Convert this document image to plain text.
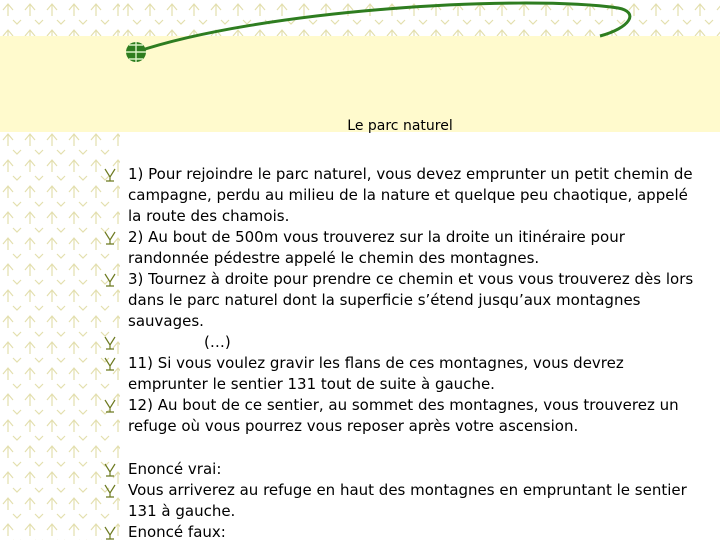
Le parc naturel
1) Pour rejoindre le parc naturel, vous devez emprunter un petit chemin de campagne, perdu au milieu de la nature et quelque peu chaotique, appelé la route des chamois.
2) Au bout de 500m vous trouverez sur la droite un itinéraire pour randonnée pédestre appelé le chemin des montagnes.
3) Tournez à droite pour prendre ce chemin et vous vous trouverez dès lors dans le parc naturel dont la superficie s’étend jusqu’aux montagnes sauvages.
(…)
11) Si vous voulez gravir les flans de ces montagnes, vous devrez emprunter le sentier 131 tout de suite à gauche.
12) Au bout de ce sentier, au sommet des montagnes, vous trouverez un refuge où vous pourrez vous reposer après votre ascension.
Enoncé vrai:
Vous arriverez au refuge en haut des montagnes en empruntant le sentier 131 à gauche.
Enoncé faux:
